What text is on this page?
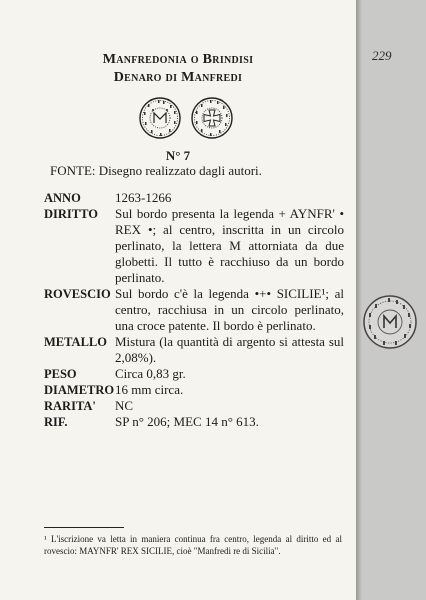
Manfredonia o Brindisi
Denaro di Manfredi
N° 7
FONTE: Disegno realizzato dagli autori.
ANNO	1263-1266
DIRITTO	Sul bordo presenta la legenda + AYNFR' • REX •; al centro, inscritta in un circolo perlinato, la lettera M attorniata da due globetti. Il tutto è racchiuso da un bordo perlinato.
ROVESCIO Sul bordo c'è la legenda •+• SICILIE¹; al centro, racchiusa in un circolo perlinato, una croce patente. Il bordo è perlinato.
METALLO Mistura (la quantità di argento si attesta sul 2,08%).
PESO	Circa 0,83 gr.
DIAMETRO 16 mm circa.
RARITA'	NC
RIF.	SP n° 206; MEC 14 n° 613.
¹ L'iscrizione va letta in maniera continua fra centro, legenda al diritto ed al rovescio: MAYNFR' REX SICILIE, cioè "Manfredi re di Sicilia".
229
